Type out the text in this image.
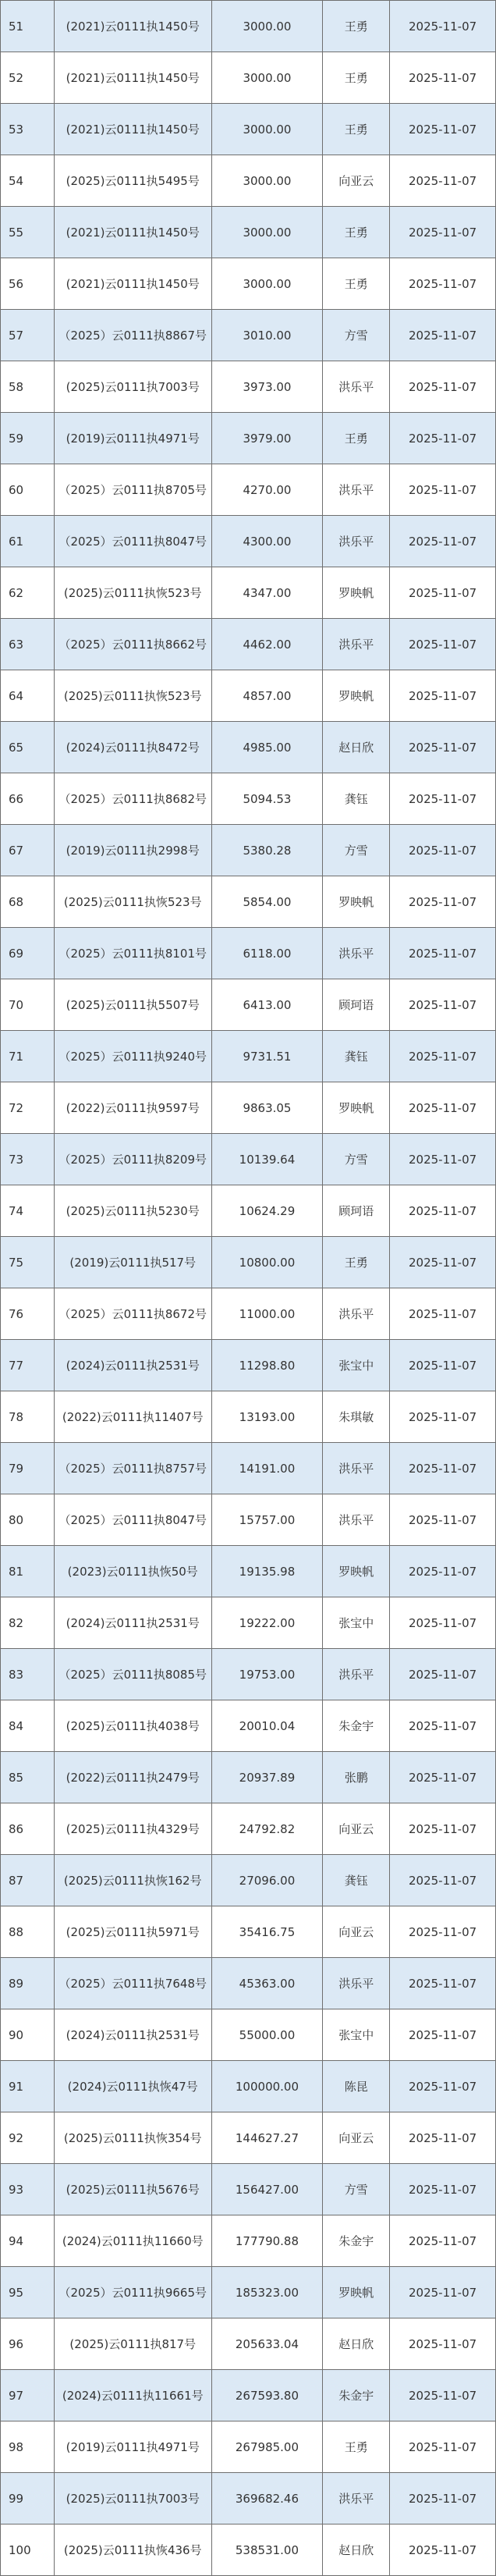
51	(2021)云0111执1450号	3000.00	王勇	2025-11-07
52	(2021)云0111执1450号	3000.00	王勇	2025-11-07
53	(2021)云0111执1450号	3000.00	王勇	2025-11-07
54	(2025)云0111执5495号	3000.00	向亚云	2025-11-07
55	(2021)云0111执1450号	3000.00	王勇	2025-11-07
56	(2021)云0111执1450号	3000.00	王勇	2025-11-07
57	（2025）云0111执8867号	3010.00	方雪	2025-11-07
58	(2025)云0111执7003号	3973.00	洪乐平	2025-11-07
59	(2019)云0111执4971号	3979.00	王勇	2025-11-07
60	（2025）云0111执8705号	4270.00	洪乐平	2025-11-07
61	（2025）云0111执8047号	4300.00	洪乐平	2025-11-07
62	(2025)云0111执恢523号	4347.00	罗映帆	2025-11-07
63	（2025）云0111执8662号	4462.00	洪乐平	2025-11-07
64	(2025)云0111执恢523号	4857.00	罗映帆	2025-11-07
65	(2024)云0111执8472号	4985.00	赵日欣	2025-11-07
66	（2025）云0111执8682号	5094.53	龚钰	2025-11-07
67	(2019)云0111执2998号	5380.28	方雪	2025-11-07
68	(2025)云0111执恢523号	5854.00	罗映帆	2025-11-07
69	（2025）云0111执8101号	6118.00	洪乐平	2025-11-07
70	(2025)云0111执5507号	6413.00	顾珂语	2025-11-07
71	（2025）云0111执9240号	9731.51	龚钰	2025-11-07
72	(2022)云0111执9597号	9863.05	罗映帆	2025-11-07
73	（2025）云0111执8209号	10139.64	方雪	2025-11-07
74	(2025)云0111执5230号	10624.29	顾珂语	2025-11-07
75	(2019)云0111执517号	10800.00	王勇	2025-11-07
76	（2025）云0111执8672号	11000.00	洪乐平	2025-11-07
77	(2024)云0111执2531号	11298.80	张宝中	2025-11-07
78	(2022)云0111执11407号	13193.00	朱琪敏	2025-11-07
79	（2025）云0111执8757号	14191.00	洪乐平	2025-11-07
80	（2025）云0111执8047号	15757.00	洪乐平	2025-11-07
81	(2023)云0111执恢50号	19135.98	罗映帆	2025-11-07
82	(2024)云0111执2531号	19222.00	张宝中	2025-11-07
83	（2025）云0111执8085号	19753.00	洪乐平	2025-11-07
84	(2025)云0111执4038号	20010.04	朱金宇	2025-11-07
85	(2022)云0111执2479号	20937.89	张鹏	2025-11-07
86	(2025)云0111执4329号	24792.82	向亚云	2025-11-07
87	(2025)云0111执恢162号	27096.00	龚钰	2025-11-07
88	(2025)云0111执5971号	35416.75	向亚云	2025-11-07
89	（2025）云0111执7648号	45363.00	洪乐平	2025-11-07
90	(2024)云0111执2531号	55000.00	张宝中	2025-11-07
91	(2024)云0111执恢47号	100000.00	陈昆	2025-11-07
92	(2025)云0111执恢354号	144627.27	向亚云	2025-11-07
93	(2025)云0111执5676号	156427.00	方雪	2025-11-07
94	(2024)云0111执11660号	177790.88	朱金宇	2025-11-07
95	（2025）云0111执9665号	185323.00	罗映帆	2025-11-07
96	(2025)云0111执817号	205633.04	赵日欣	2025-11-07
97	(2024)云0111执11661号	267593.80	朱金宇	2025-11-07
98	(2019)云0111执4971号	267985.00	王勇	2025-11-07
99	(2025)云0111执7003号	369682.46	洪乐平	2025-11-07
100	(2025)云0111执恢436号	538531.00	赵日欣	2025-11-07
